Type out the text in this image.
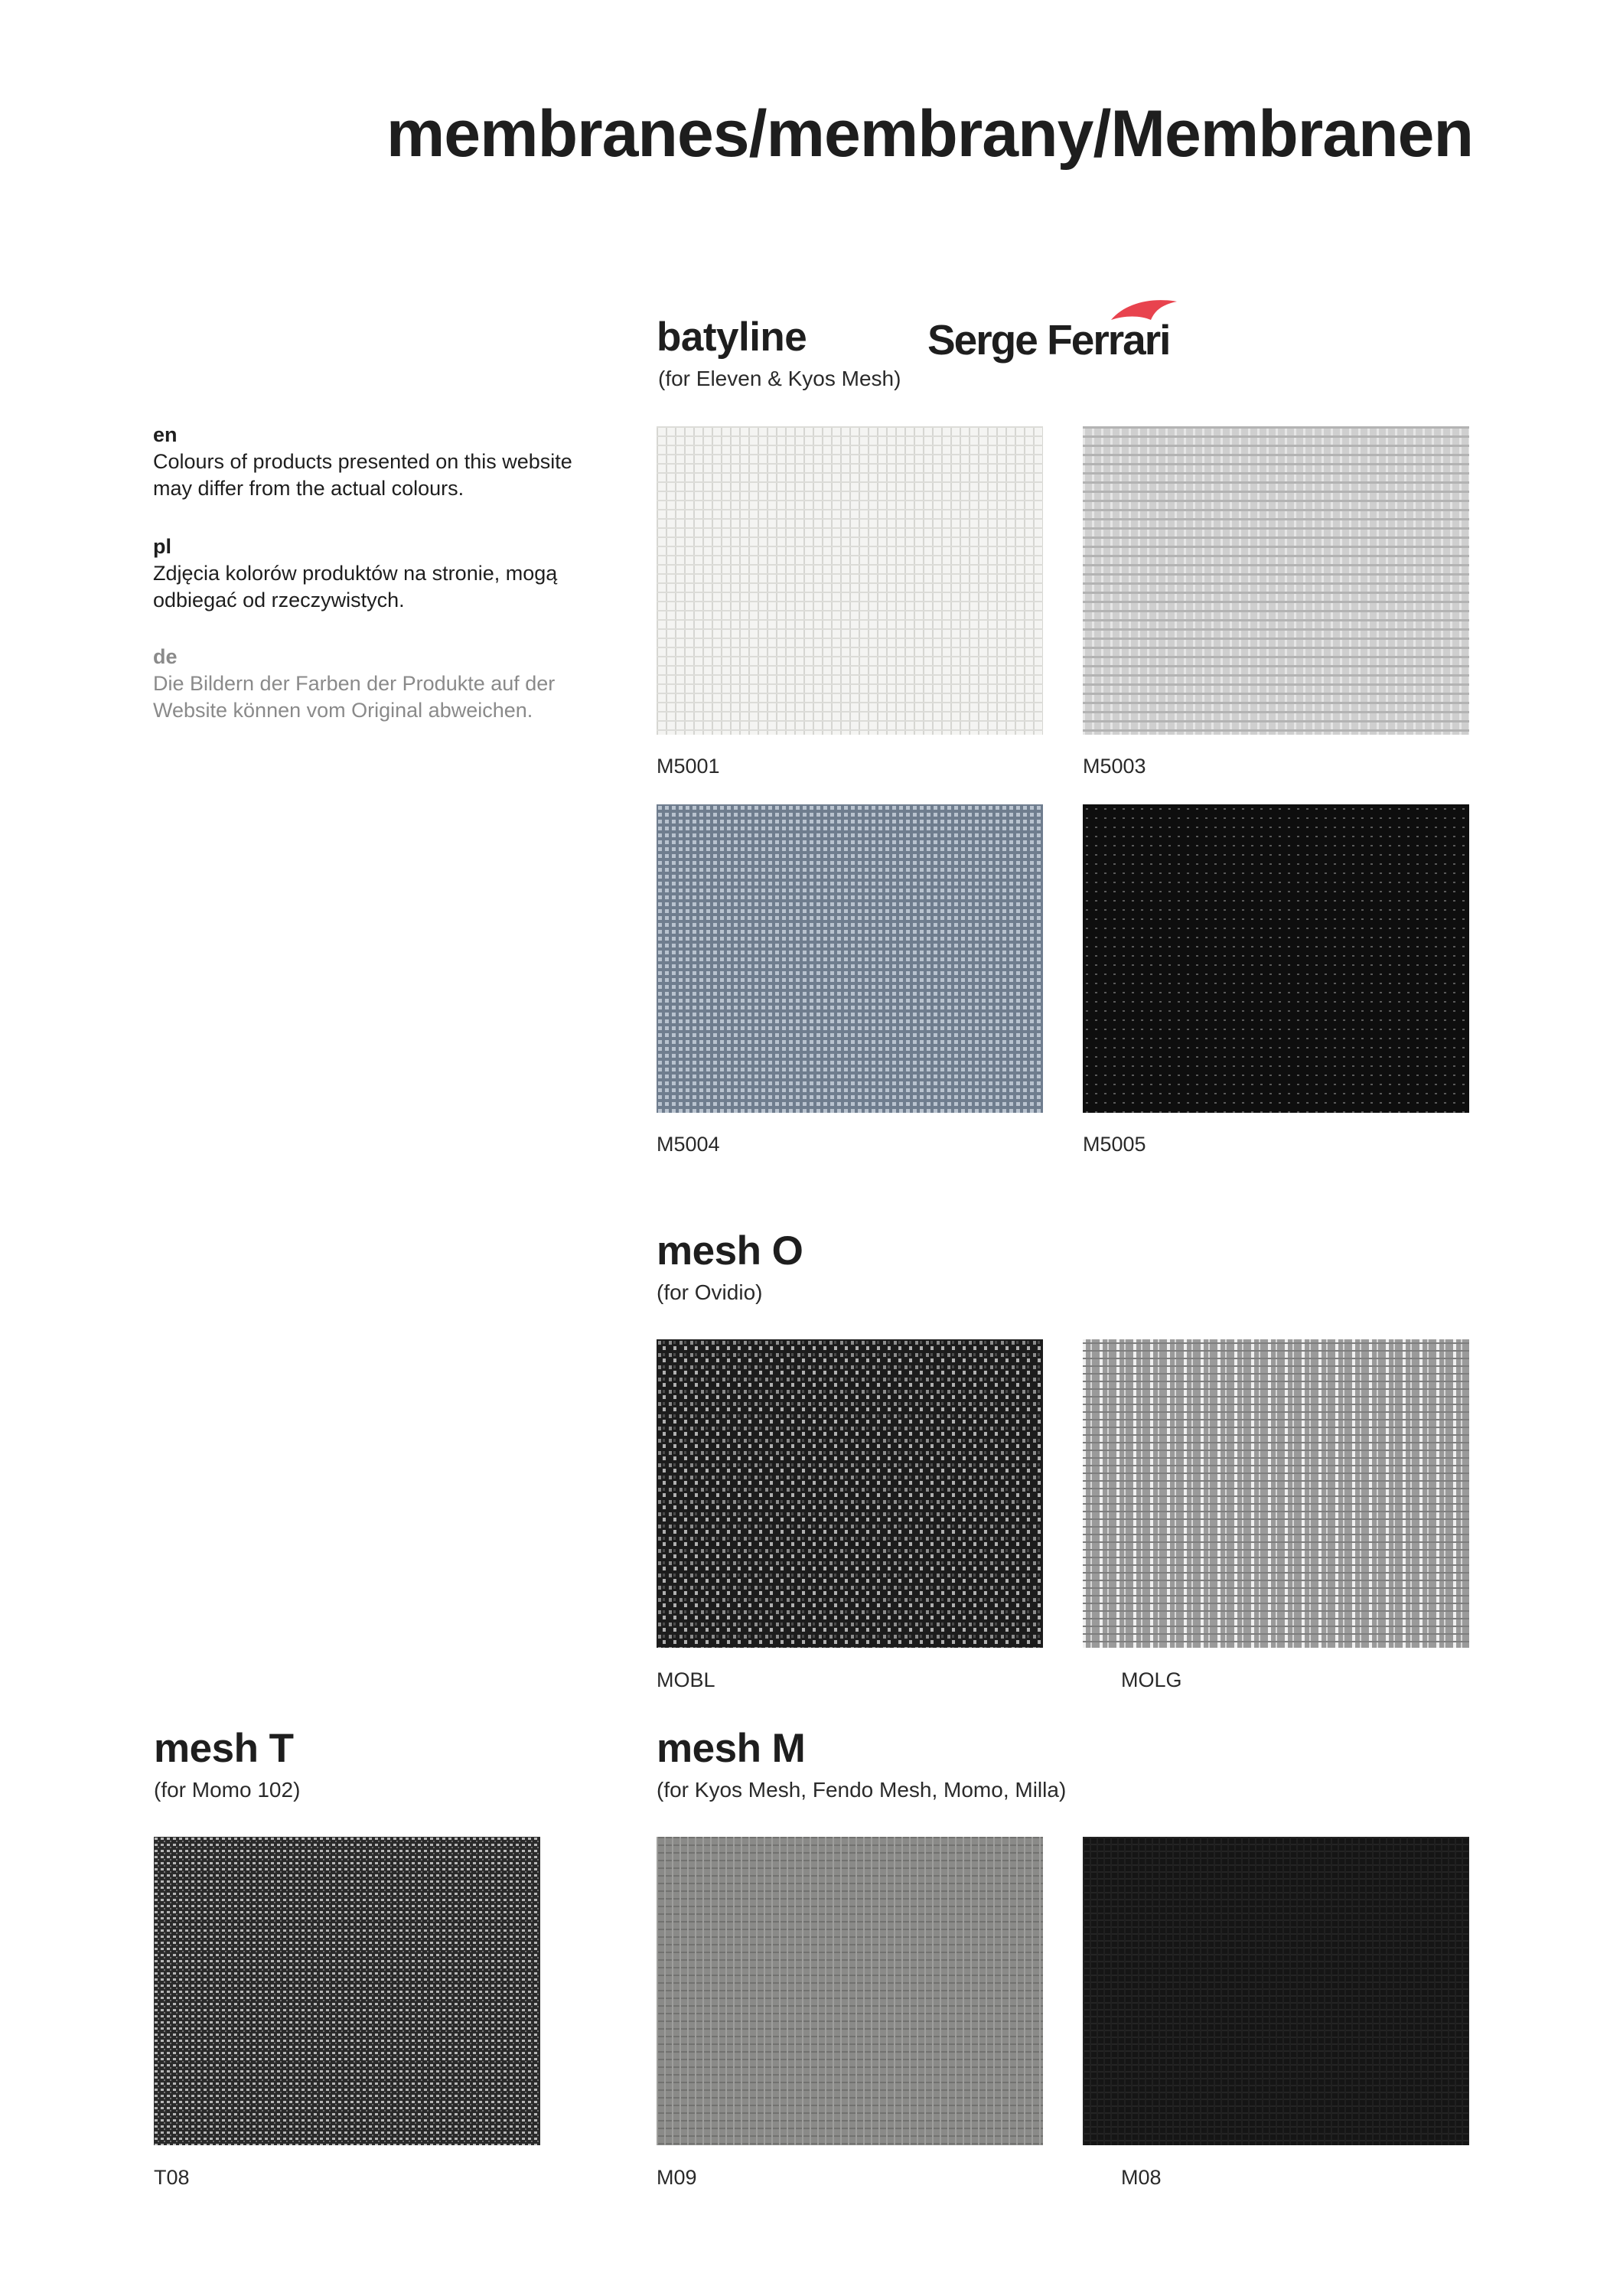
membranes/membrany/Membranen

en

Colours of products presented on this website may differ from the actual colours.

pl

Zdjęcia kolorów produktów na stronie, mogą odbiegać od rzeczywistych.

de

Die Bildern der Farben der Produkte auf der Website können vom Original abweichen.

batyline

(for Eleven & Kyos Mesh)

Serge Ferrari

M5001	M5003

M5004	M5005

mesh O

(for Ovidio)

MOBL	MOLG

mesh T

(for Momo 102)

T08

mesh M

(for Kyos Mesh, Fendo Mesh, Momo, Milla)

M09	M08
